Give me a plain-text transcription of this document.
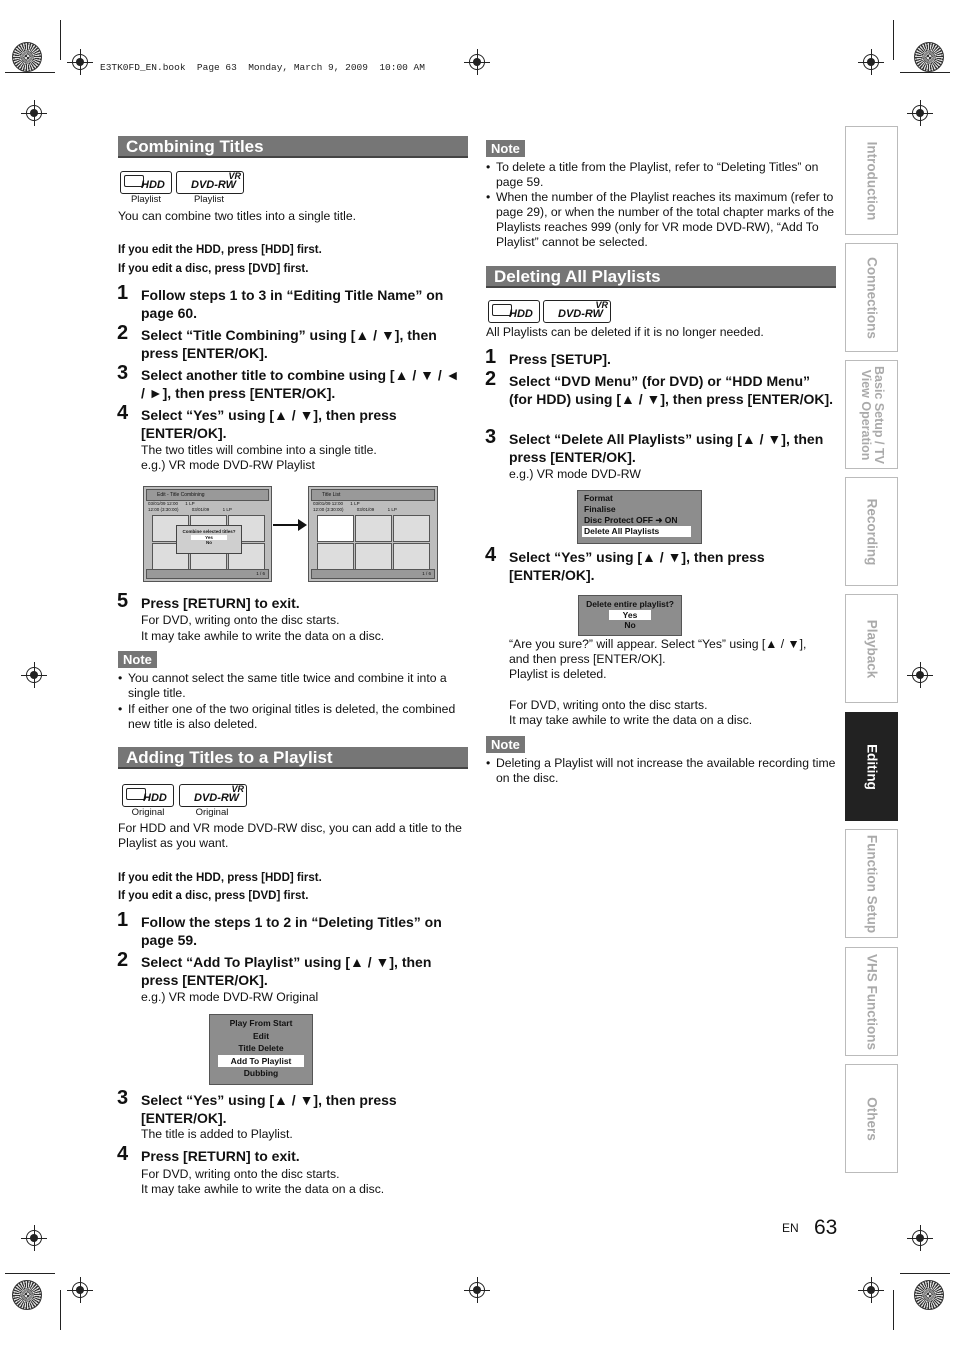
E3TK0FD_EN.book  Page 63  Monday, March 9, 2009  10:00 AM
Combining Titles
HDD
Playlist
VR
DVD-RW
Playlist
You can combine two titles into a single title.
If you edit the HDD, press [HDD] first.
If you edit a disc, press [DVD] first.
1 Follow steps 1 to 3 in “Editing Title Name” on page 60.
2 Select “Title Combining” using [▲ / ▼], then press [ENTER/OK].
3 Select another title to combine using [▲ / ▼ / ◄ / ►], then press [ENTER/OK].
4 Select “Yes” using [▲ / ▼], then press [ENTER/OK].
The two titles will combine into a single title.
e.g.) VR mode DVD-RW Playlist
Edit - Title Combining
03/01/09 12:00 1 LP
12:00 (3:30:00)	03/01/09	1 LP
Combine selected titles?
Yes
No
1 / 6
Title List
03/01/09 12:00 1 LP
12:00 (3:30:00)	03/01/09	1 LP
1 / 6
5 Press [RETURN] to exit.
For DVD, writing onto the disc starts.
It may take awhile to write the data on a disc.
Note
• You cannot select the same title twice and combine it into a single title.
• If either one of the two original titles is deleted, the combined new title is also deleted.
Adding Titles to a Playlist
HDD
Original
VR
DVD-RW
Original
For HDD and VR mode DVD-RW disc, you can add a title to the Playlist as you want.
If you edit the HDD, press [HDD] first.
If you edit a disc, press [DVD] first.
1 Follow the steps 1 to 2 in “Deleting Titles” on page 59.
2 Select “Add To Playlist” using [▲ / ▼], then press [ENTER/OK].
e.g.) VR mode DVD-RW Original
Play From Start
Edit
Title Delete
Add To Playlist
Dubbing
3 Select “Yes” using [▲ / ▼], then press [ENTER/OK].
The title is added to Playlist.
4 Press [RETURN] to exit.
For DVD, writing onto the disc starts.
It may take awhile to write the data on a disc.
Note
• To delete a title from the Playlist, refer to “Deleting Titles” on page 59.
• When the number of the Playlist reaches its maximum (refer to page 29), or when the number of the total chapter marks of the Playlists reaches 999 (only for VR mode DVD-RW), “Add To Playlist” cannot be selected.
Deleting All Playlists
HDD
VR
DVD-RW
All Playlists can be deleted if it is no longer needed.
1 Press [SETUP].
2 Select “DVD Menu” (for DVD) or “HDD Menu” (for HDD) using [▲ / ▼], then press [ENTER/OK].
3 Select “Delete All Playlists” using [▲ / ▼], then press [ENTER/OK].
e.g.) VR mode DVD-RW
Format
Finalise
Disc Protect OFF ➜ ON
Delete All Playlists
4 Select “Yes” using [▲ / ▼], then press [ENTER/OK].
Delete entire playlist?
Yes
No
“Are you sure?” will appear. Select “Yes” using [▲ / ▼],
and then press [ENTER/OK].
Playlist is deleted.
For DVD, writing onto the disc starts.
It may take awhile to write the data on a disc.
Note
• Deleting a Playlist will not increase the available recording time on the disc.
Introduction
Connections
Basic Setup / TV View Operation
Recording
Playback
Editing
Function Setup
VHS Functions
Others
EN 63
